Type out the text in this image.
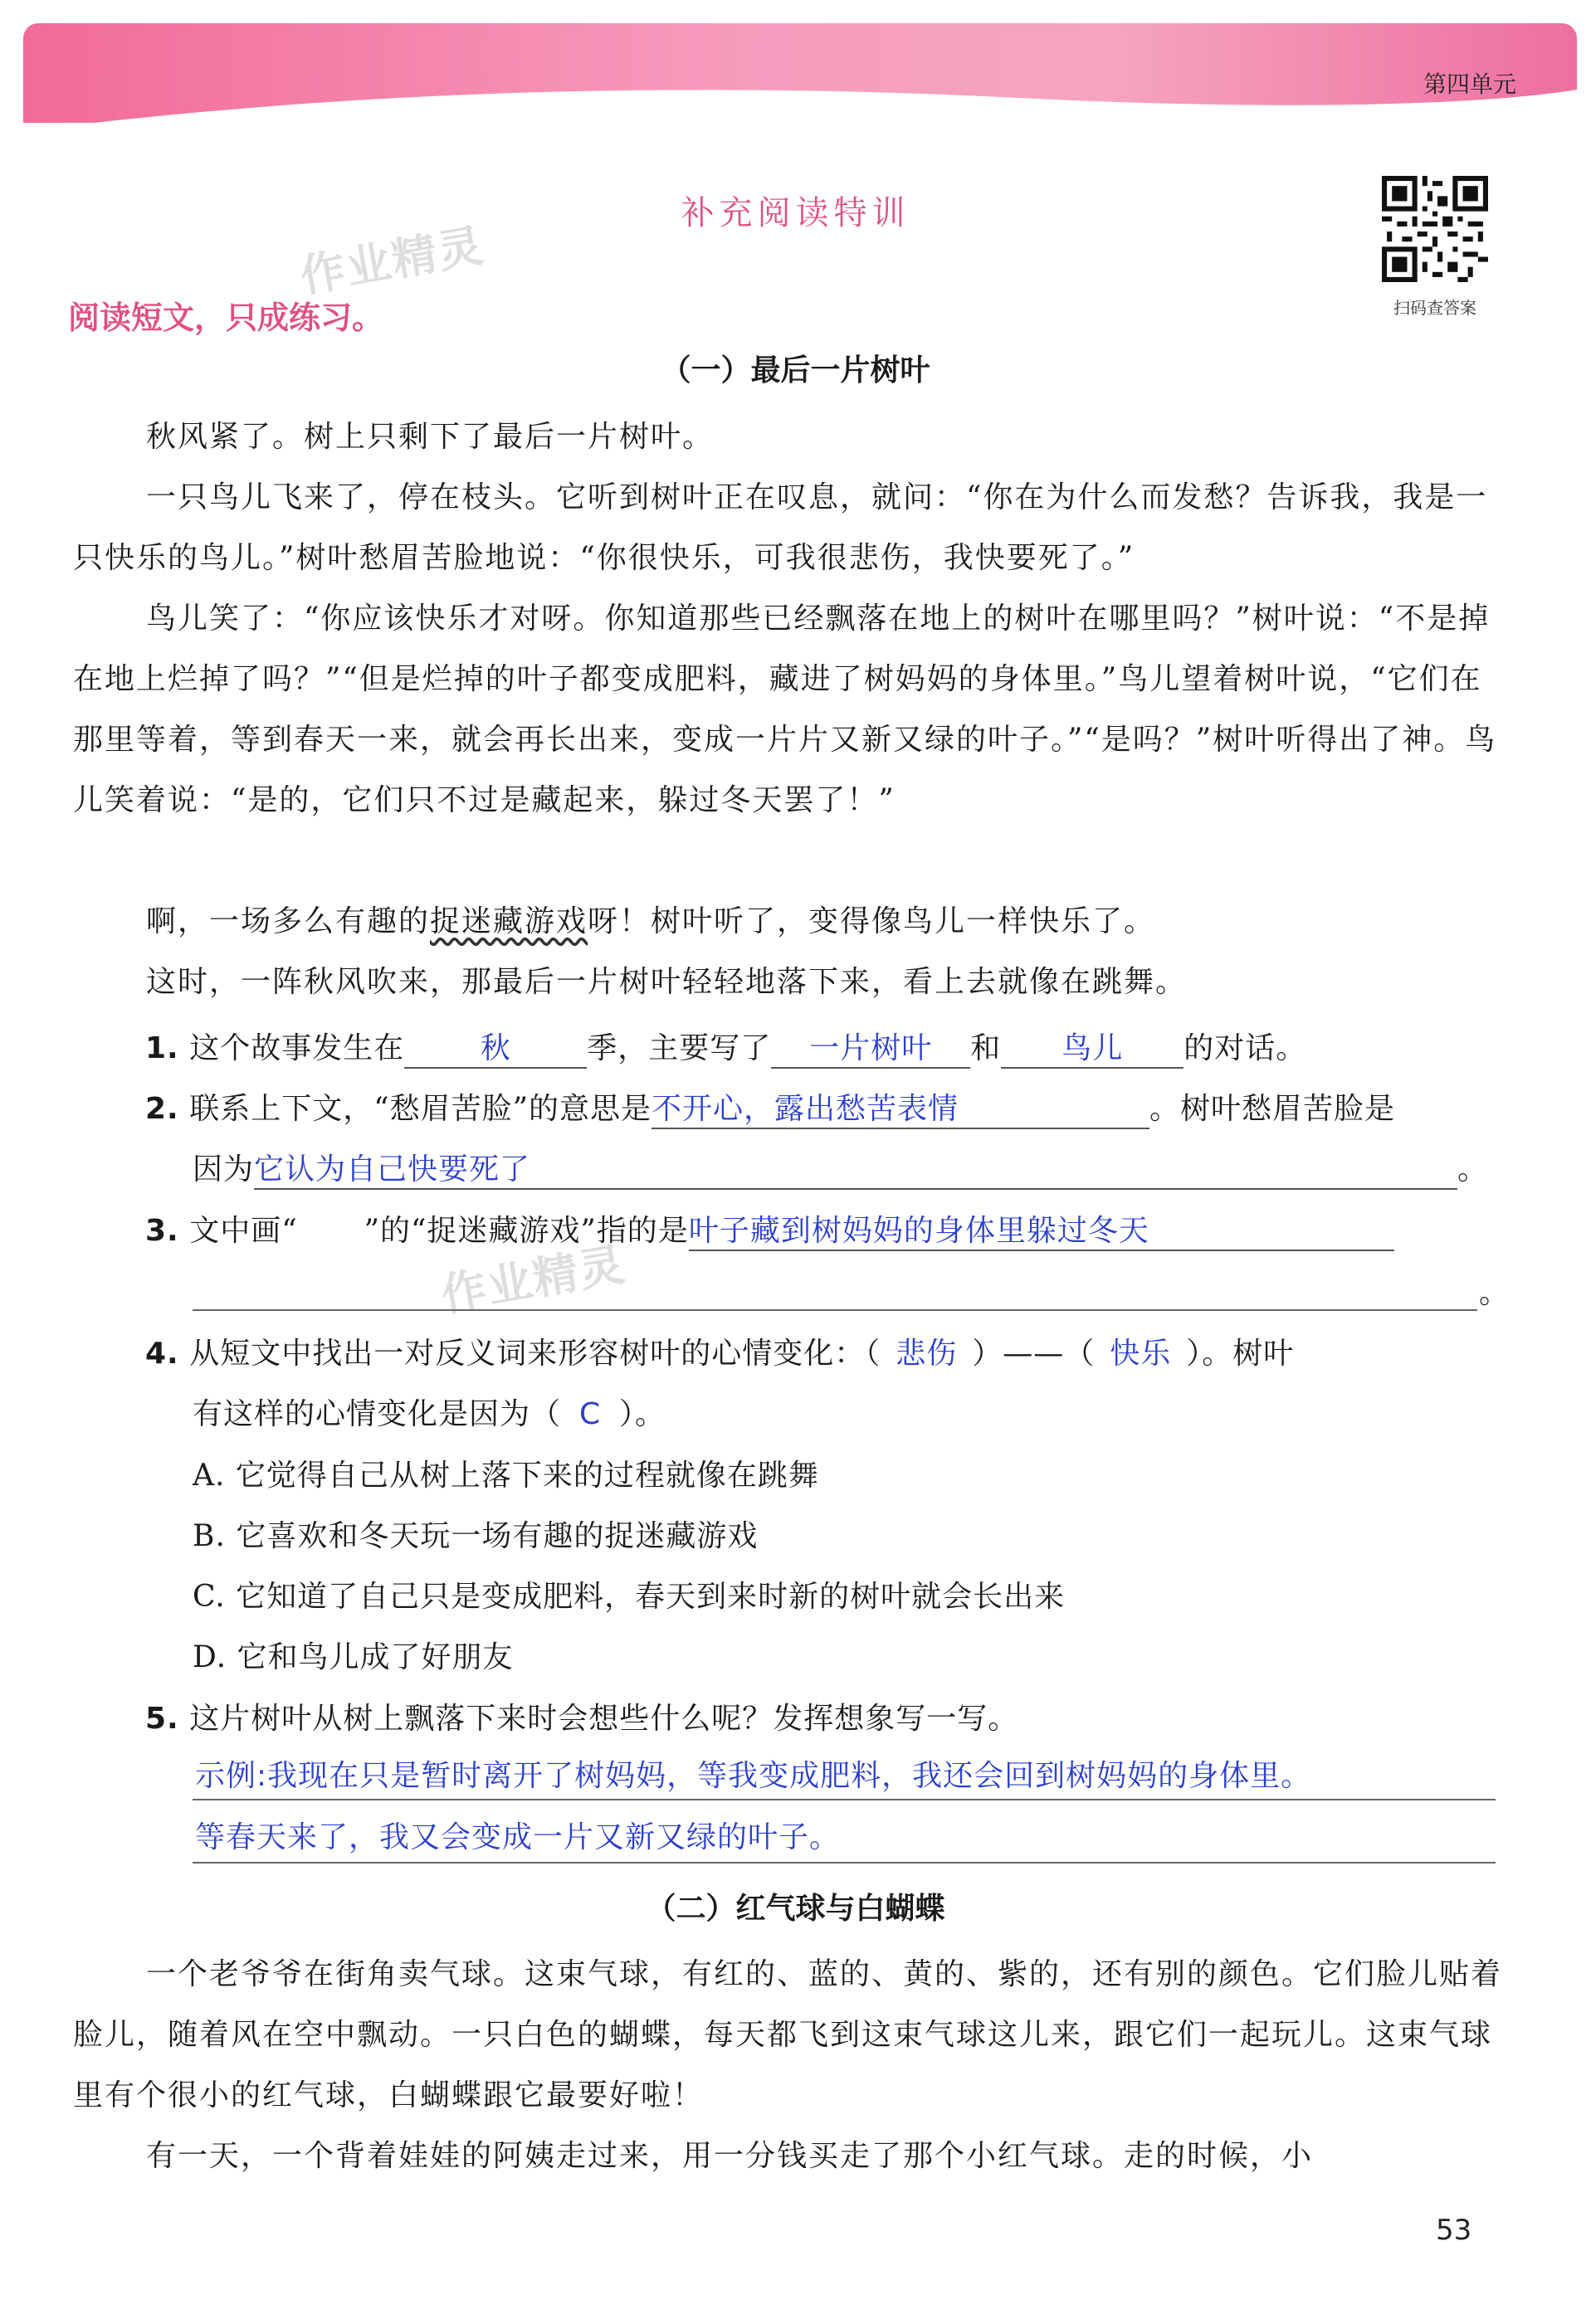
第四单元
补充阅读特训
作业精灵
作业精灵
扫码查答案
阅读短文，只成练习。
（一）最后一片树叶

秋风紧了。树上只剩下了最后一片树叶。

一只鸟儿飞来了，停在枝头。它听到树叶正在叹息，就问：“你在为什么而发愁？告诉我，我是一只快乐的鸟儿。”树叶愁眉苦脸地说：“你很快乐，可我很悲伤，我快要死了。”

鸟儿笑了：“你应该快乐才对呀。你知道那些已经飘落在地上的树叶在哪里吗？”树叶说：“不是掉在地上烂掉了吗？”“但是烂掉的叶子都变成肥料，藏进了树妈妈的身体里。”鸟儿望着树叶说，“它们在那里等着，等到春天一来，就会再长出来，变成一片片又新又绿的叶子。”“是吗？”树叶听得出了神。鸟儿笑着说：“是的，它们只不过是藏起来，躲过冬天罢了！”

啊，一场多么有趣的捉迷藏游戏呀！树叶听了，变得像鸟儿一样快乐了。

这时，一阵秋风吹来，那最后一片树叶轻轻地落下来，看上去就像在跳舞。

1. 这个故事发生在	秋	季，主要写了 一片树叶 和 鸟儿 的对话。
2. 联系上下文，“愁眉苦脸”的意思是不开心，露出愁苦表情	。树叶愁眉苦脸是
因为它认为自己快要死了	。
3. 文中画“ ”的“捉迷藏游戏”指的是叶子藏到树妈妈的身体里躲过冬天
。
4. 从短文中找出一对反义词来形容树叶的心情变化：（ 悲伤 ）——（ 快乐 ）。树叶
有这样的心情变化是因为（ C ）。
A. 它觉得自己从树上落下来的过程就像在跳舞
B. 它喜欢和冬天玩一场有趣的捉迷藏游戏
C. 它知道了自己只是变成肥料，春天到来时新的树叶就会长出来
D. 它和鸟儿成了好朋友
5. 这片树叶从树上飘落下来时会想些什么呢？发挥想象写一写。
示例:我现在只是暂时离开了树妈妈，等我变成肥料，我还会回到树妈妈的身体里。
等春天来了，我又会变成一片又新又绿的叶子。
（二）红气球与白蝴蝶

一个老爷爷在街角卖气球。这束气球，有红的、蓝的、黄的、紫的，还有别的颜色。它们脸儿贴着脸儿，随着风在空中飘动。一只白色的蝴蝶，每天都飞到这束气球这儿来，跟它们一起玩儿。这束气球里有个很小的红气球，白蝴蝶跟它最要好啦！

有一天，一个背着娃娃的阿姨走过来，用一分钱买走了那个小红气球。走的时候，小

53
